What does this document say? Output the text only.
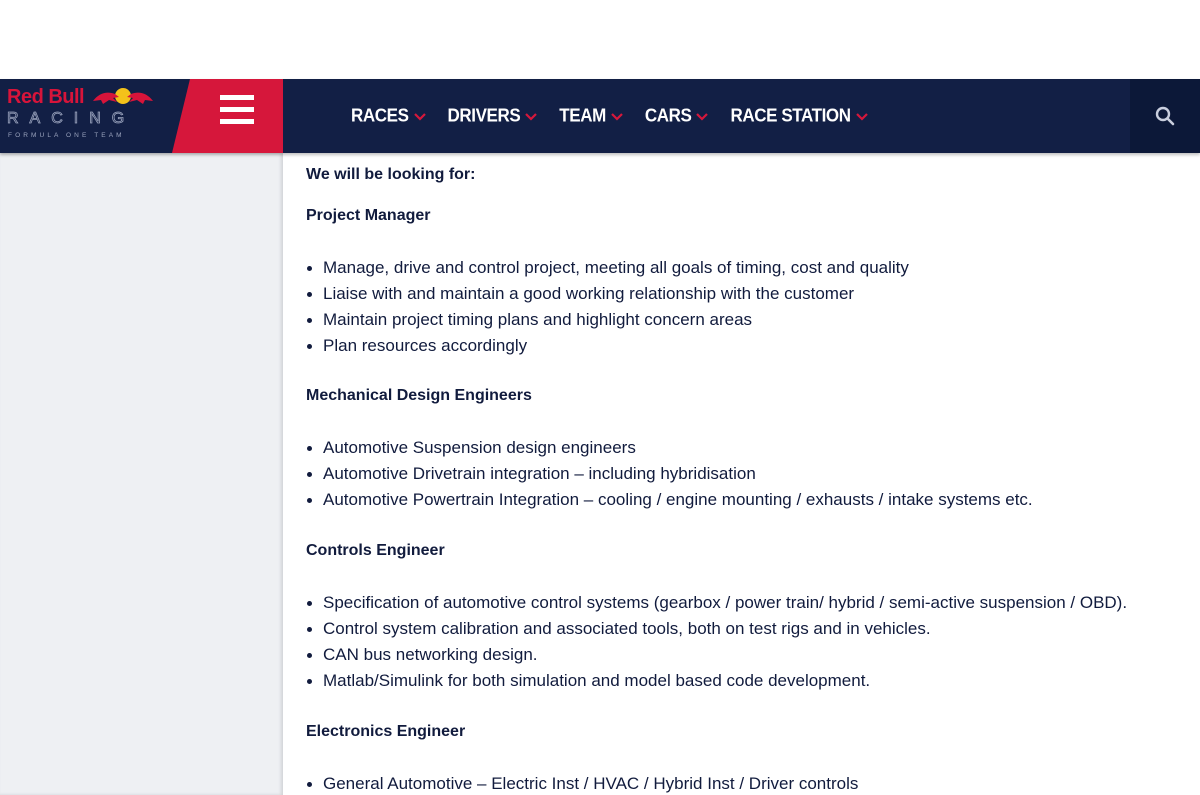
Red Bull
RACING
FORMULA ONE TEAM
RACES DRIVERS TEAM CARS RACE STATION

We will be looking for:

Project Manager
Manage, drive and control project, meeting all goals of timing, cost and quality
Liaise with and maintain a good working relationship with the customer
Maintain project timing plans and highlight concern areas
Plan resources accordingly
Mechanical Design Engineers
Automotive Suspension design engineers
Automotive Drivetrain integration – including hybridisation
Automotive Powertrain Integration – cooling / engine mounting / exhausts / intake systems etc.
Controls Engineer
Specification of automotive control systems (gearbox / power train/ hybrid / semi-active suspension / OBD).
Control system calibration and associated tools, both on test rigs and in vehicles.
CAN bus networking design.
Matlab/Simulink for both simulation and model based code development.
Electronics Engineer
General Automotive – Electric Inst / HVAC / Hybrid Inst / Driver controls
